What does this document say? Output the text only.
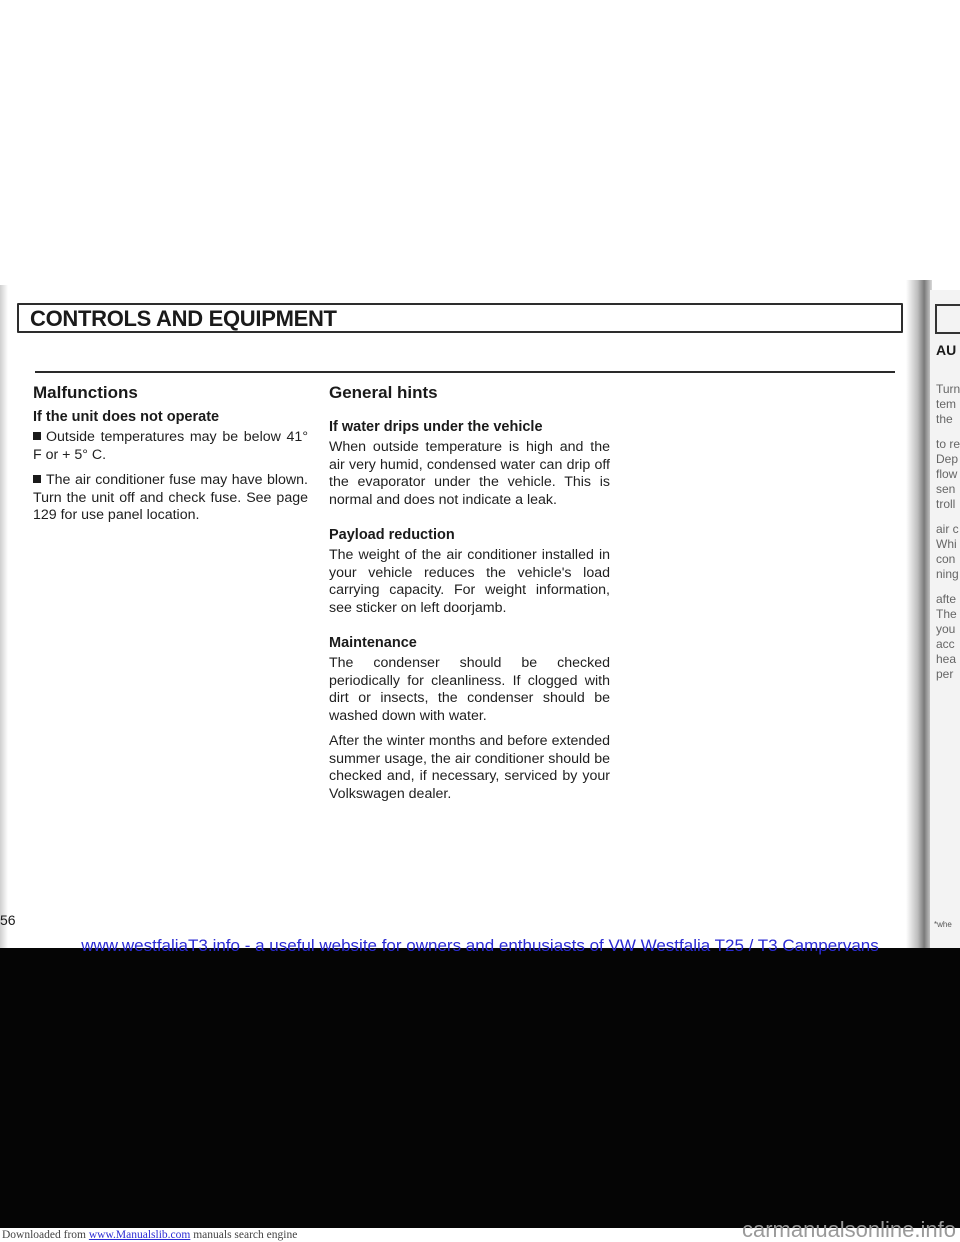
CONTROLS AND EQUIPMENT
Malfunctions
If the unit does not operate

Outside temperatures may be below 41° F or + 5° C.

The air conditioner fuse may have blown. Turn the unit off and check fuse. See page 129 for use panel location.

General hints
If water drips under the vehicle

When outside temperature is high and the air very humid, condensed water can drip off the evaporator under the vehicle. This is normal and does not indicate a leak.

Payload reduction

The weight of the air conditioner installed in your vehicle reduces the vehicle's load carrying capacity. For weight information, see sticker on left doorjamb.

Maintenance

The condenser should be checked periodically for cleanliness. If clogged with dirt or insects, the condenser should be washed down with water.

After the winter months and before extended summer usage, the air conditioner should be checked and, if necessary, serviced by your Volkswagen dealer.

56
AU
Turn
tem
the
to re
Dep
flow
sen
troll
air c
Whi
con
ning
afte
The
you
acc
hea
per
*whe
www.westfaliaT3.info - a useful website for owners and enthusiasts of VW Westfalia T25 / T3 Campervans
Downloaded from www.Manualslib.com manuals search engine	carmanualsonline.info
